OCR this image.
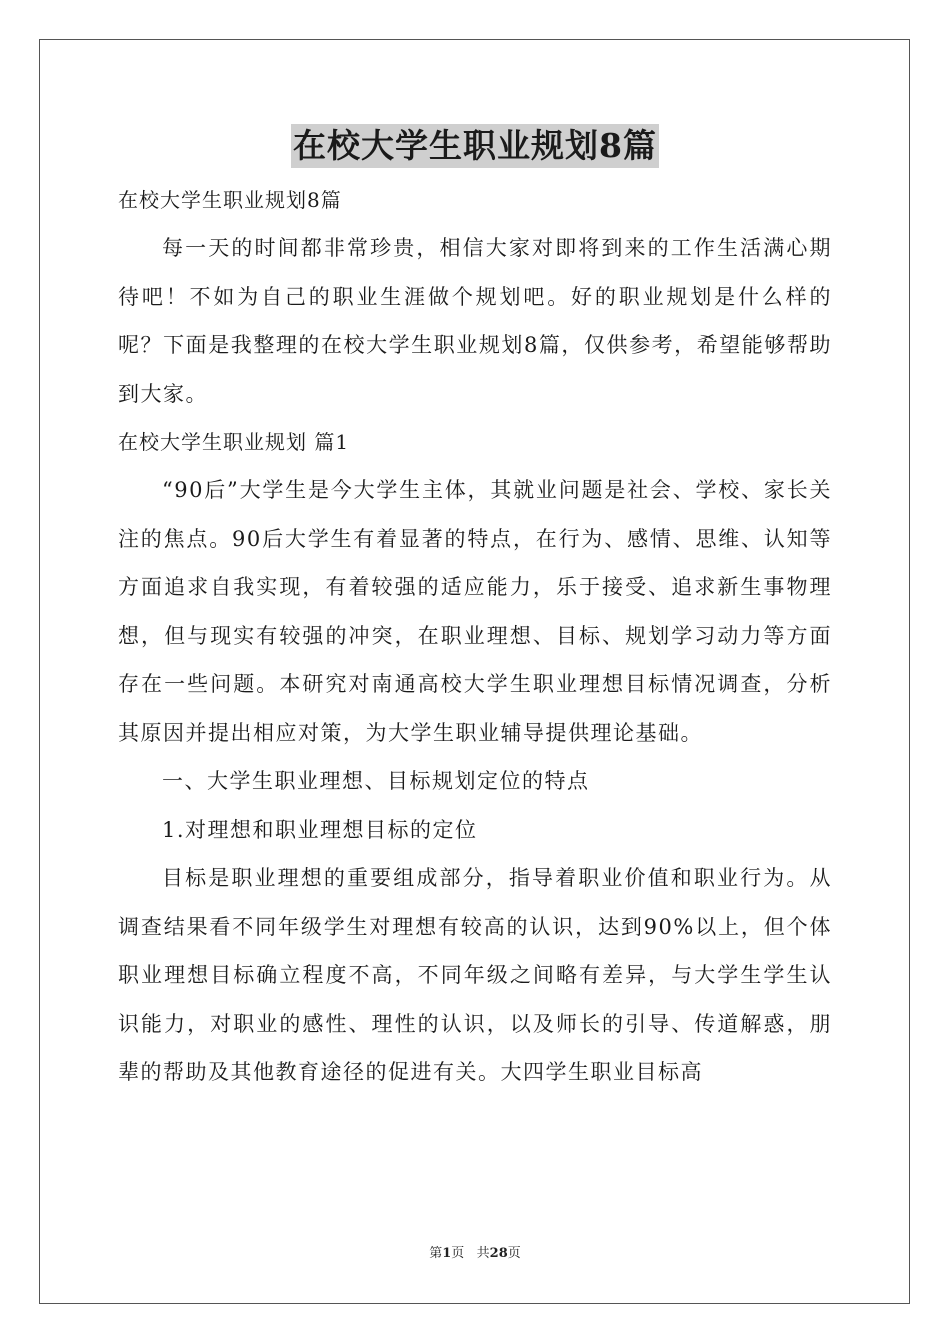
在校大学生职业规划8篇

在校大学生职业规划8篇

每一天的时间都非常珍贵，相信大家对即将到来的工作生活满心期待吧！不如为自己的职业生涯做个规划吧。好的职业规划是什么样的呢？下面是我整理的在校大学生职业规划8篇，仅供参考，希望能够帮助到大家。

在校大学生职业规划 篇1

“90后”大学生是今大学生主体，其就业问题是社会、学校、家长关注的焦点。90后大学生有着显著的特点，在行为、感情、思维、认知等方面追求自我实现，有着较强的适应能力，乐于接受、追求新生事物理想，但与现实有较强的冲突，在职业理想、目标、规划学习动力等方面存在一些问题。本研究对南通高校大学生职业理想目标情况调查，分析其原因并提出相应对策，为大学生职业辅导提供理论基础。

一、大学生职业理想、目标规划定位的特点

1.对理想和职业理想目标的定位

目标是职业理想的重要组成部分，指导着职业价值和职业行为。从调查结果看不同年级学生对理想有较高的认识，达到90%以上，但个体职业理想目标确立程度不高，不同年级之间略有差异，与大学生学生认识能力，对职业的感性、理性的认识，以及师长的引导、传道解惑，朋辈的帮助及其他教育途径的促进有关。大四学生职业目标高

第1页   共28页
